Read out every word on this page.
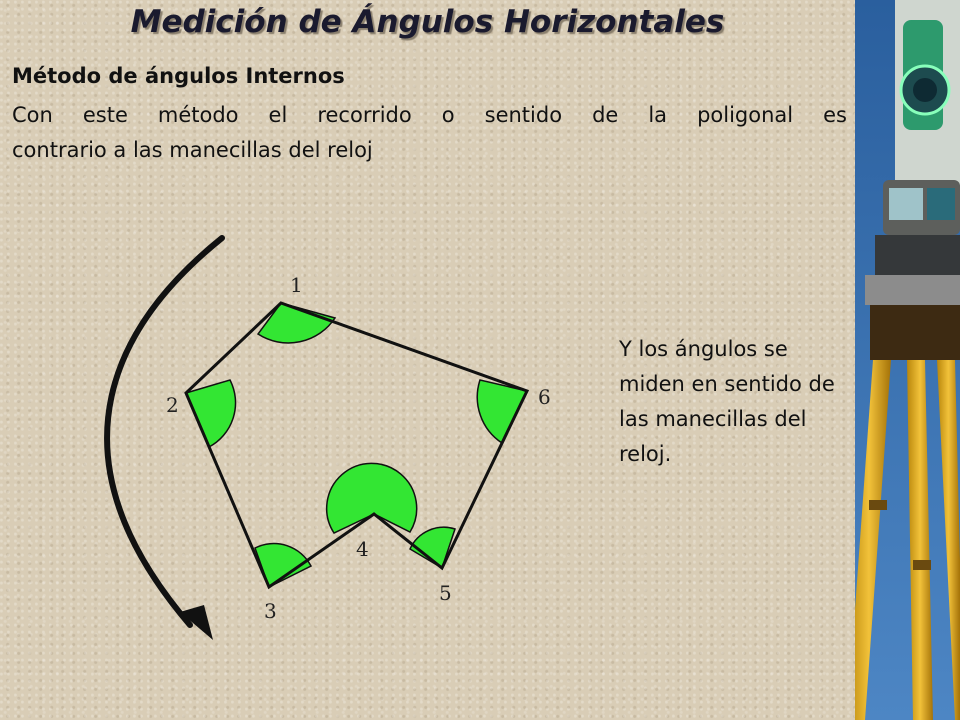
Medición de Ángulos Horizontales
Método de ángulos Internos
Con este método el recorrido o sentido de la poligonal es
contrario a las manecillas del reloj
Y los ángulos se miden en sentido de las manecillas del reloj.
1
2
3
4
5
6
